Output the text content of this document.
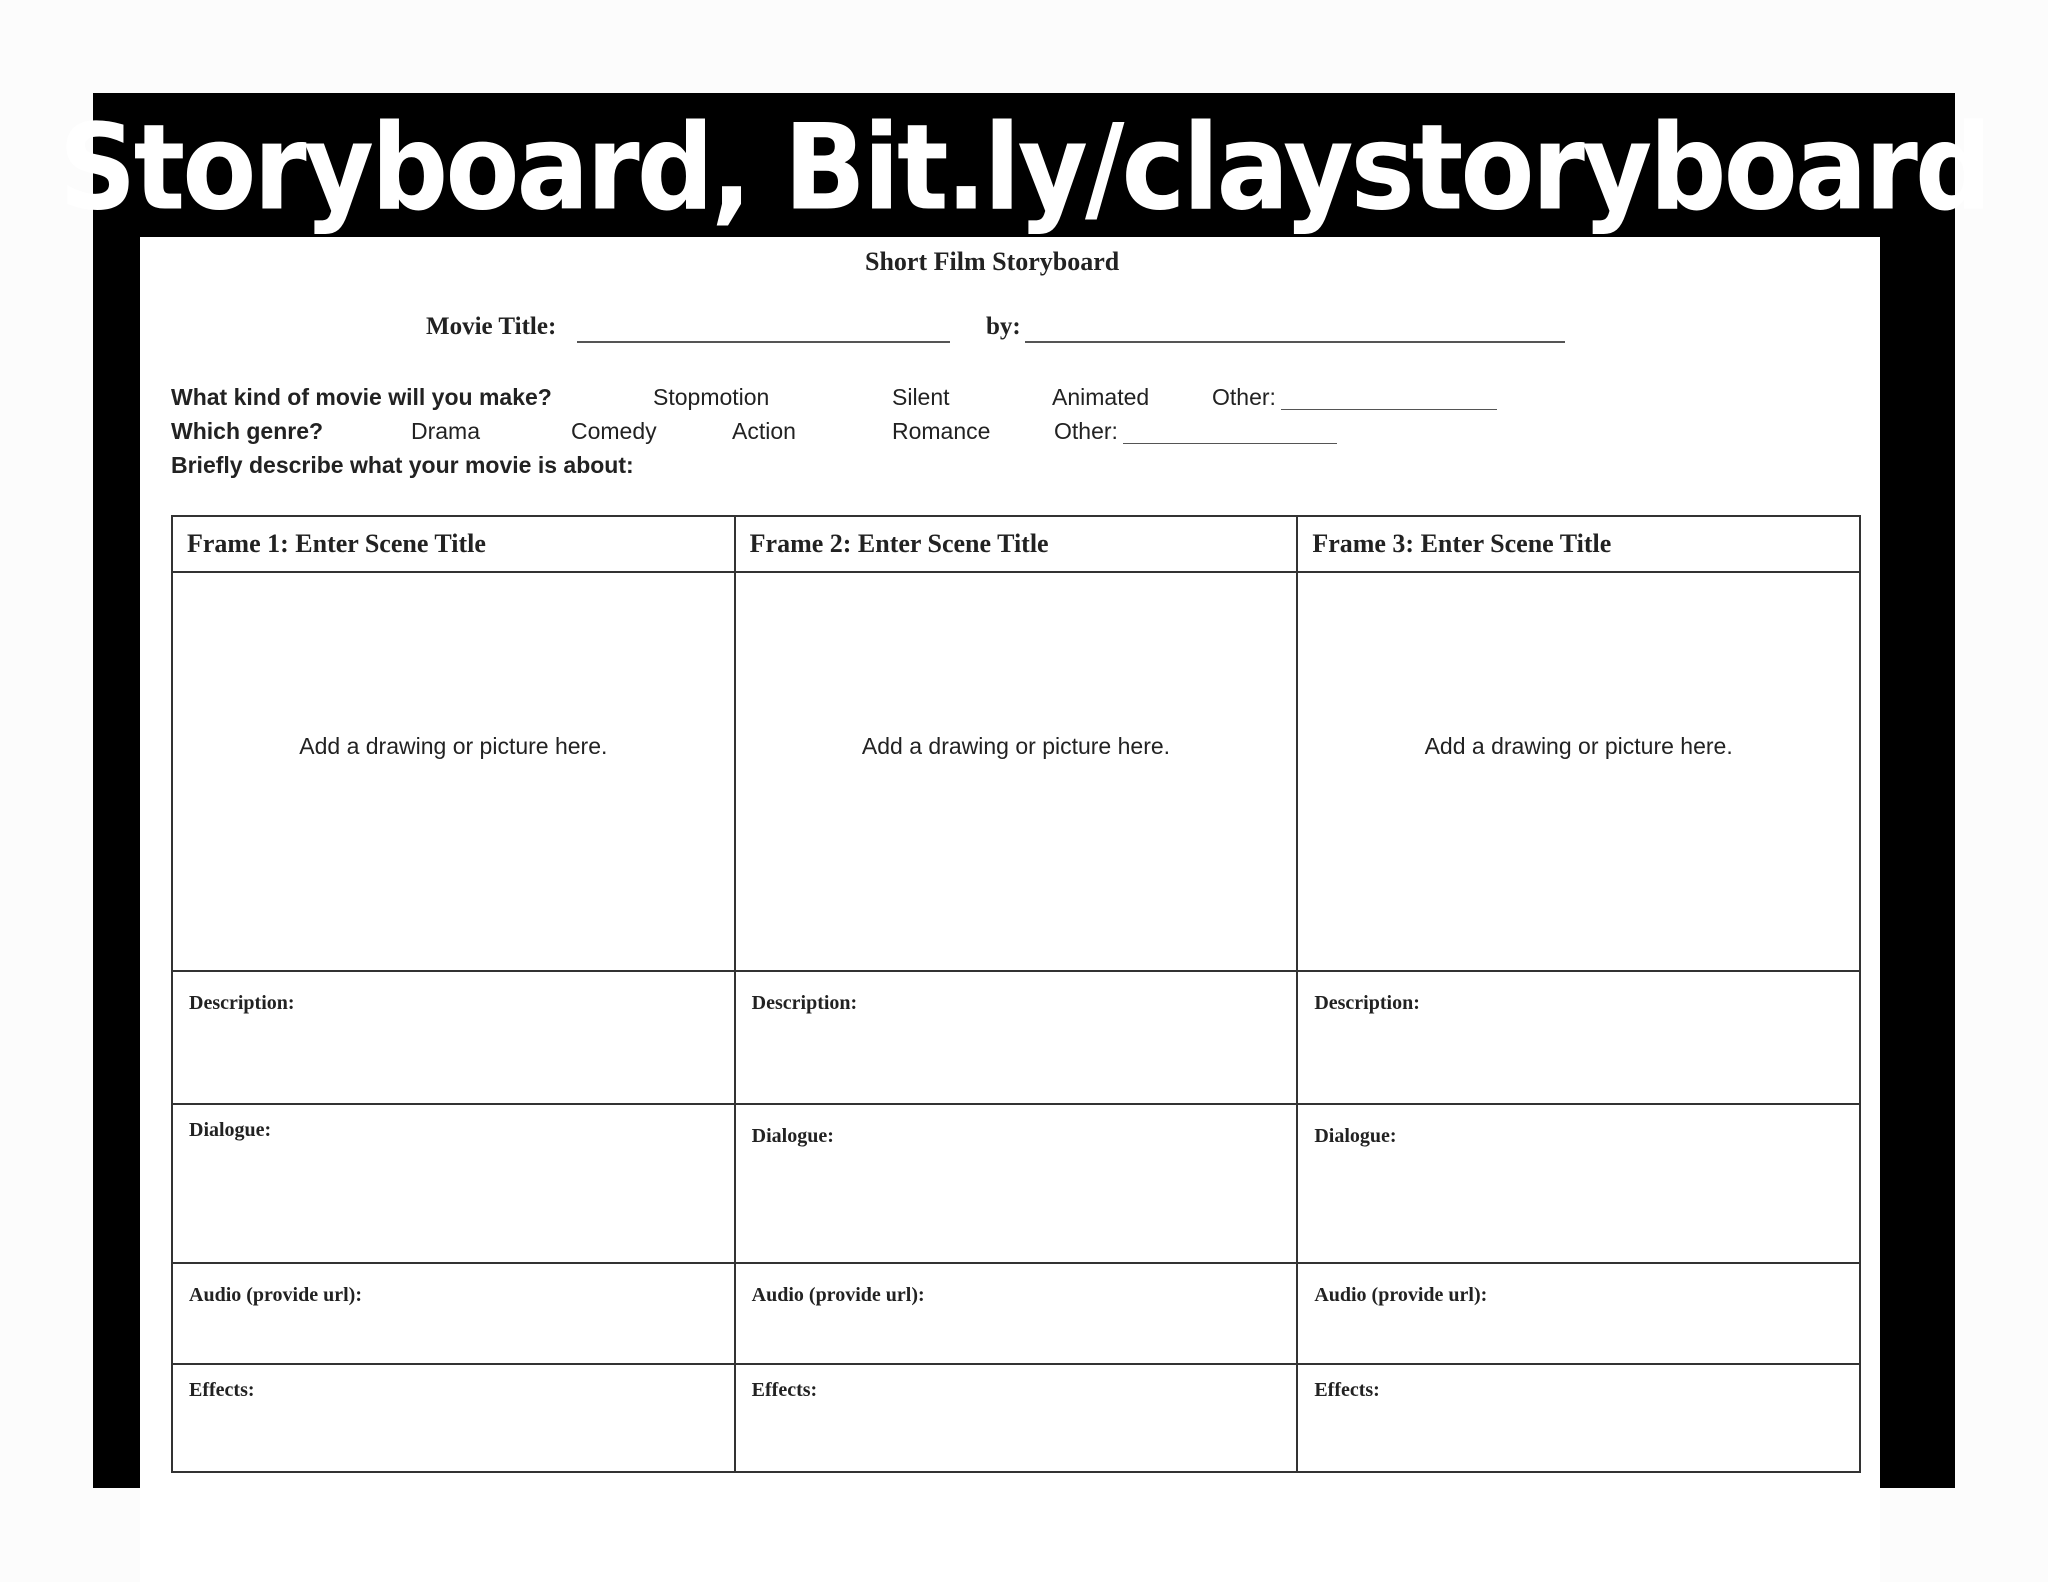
Storyboard, Bit.ly/claystoryboard
Short Film Storyboard
Movie Title:	by:
What kind of movie will you make?	Stopmotion	Silent	Animated	Other:
Which genre?	Drama	Comedy	Action	Romance	Other:
Briefly describe what your movie is about:
Frame 1: Enter Scene Title	Frame 2: Enter Scene Title	Frame 3: Enter Scene Title

Add a drawing or picture here.	Add a drawing or picture here.	Add a drawing or picture here.

Description:	Description:	Description:

Dialogue:	Dialogue:	Dialogue:

Audio (provide url):	Audio (provide url):	Audio (provide url):

Effects:	Effects:	Effects:
